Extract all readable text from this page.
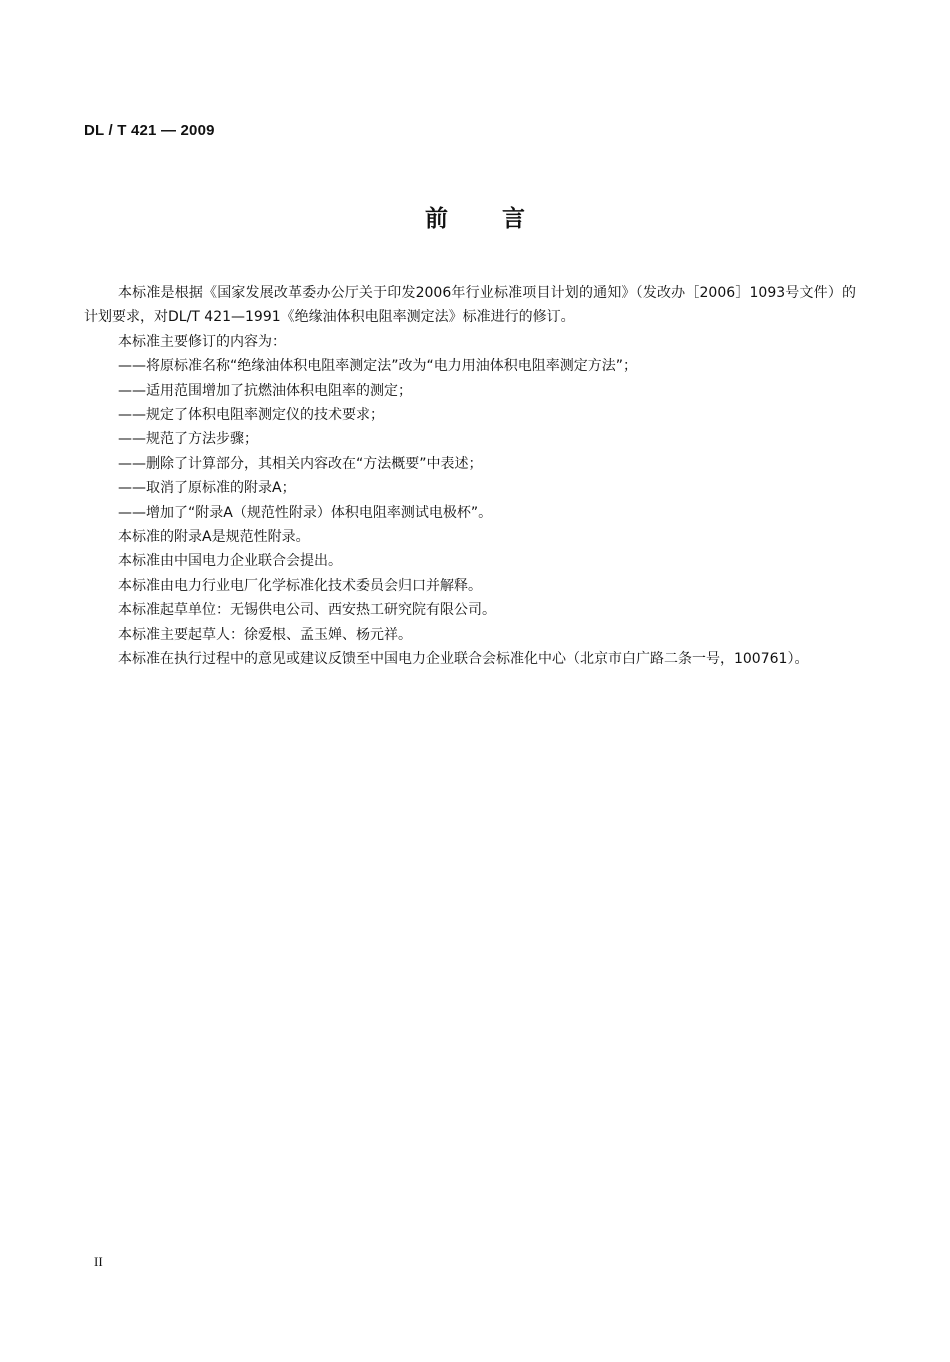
DL / T 421 — 2009
前言

本标准是根据《国家发展改革委办公厅关于印发2006年行业标准项目计划的通知》（发改办［2006］1093号文件）的计划要求，对DL/T 421—1991《绝缘油体积电阻率测定法》标准进行的修订。

本标准主要修订的内容为：

——将原标准名称“绝缘油体积电阻率测定法”改为“电力用油体积电阻率测定方法”；

——适用范围增加了抗燃油体积电阻率的测定；

——规定了体积电阻率测定仪的技术要求；

——规范了方法步骤；

——删除了计算部分，其相关内容改在“方法概要”中表述；

——取消了原标准的附录A；

——增加了“附录A（规范性附录）体积电阻率测试电极杯”。

本标准的附录A是规范性附录。

本标准由中国电力企业联合会提出。

本标准由电力行业电厂化学标准化技术委员会归口并解释。

本标准起草单位：无锡供电公司、西安热工研究院有限公司。

本标准主要起草人：徐爱根、孟玉婵、杨元祥。

本标准在执行过程中的意见或建议反馈至中国电力企业联合会标准化中心（北京市白广路二条一号，100761）。

II
